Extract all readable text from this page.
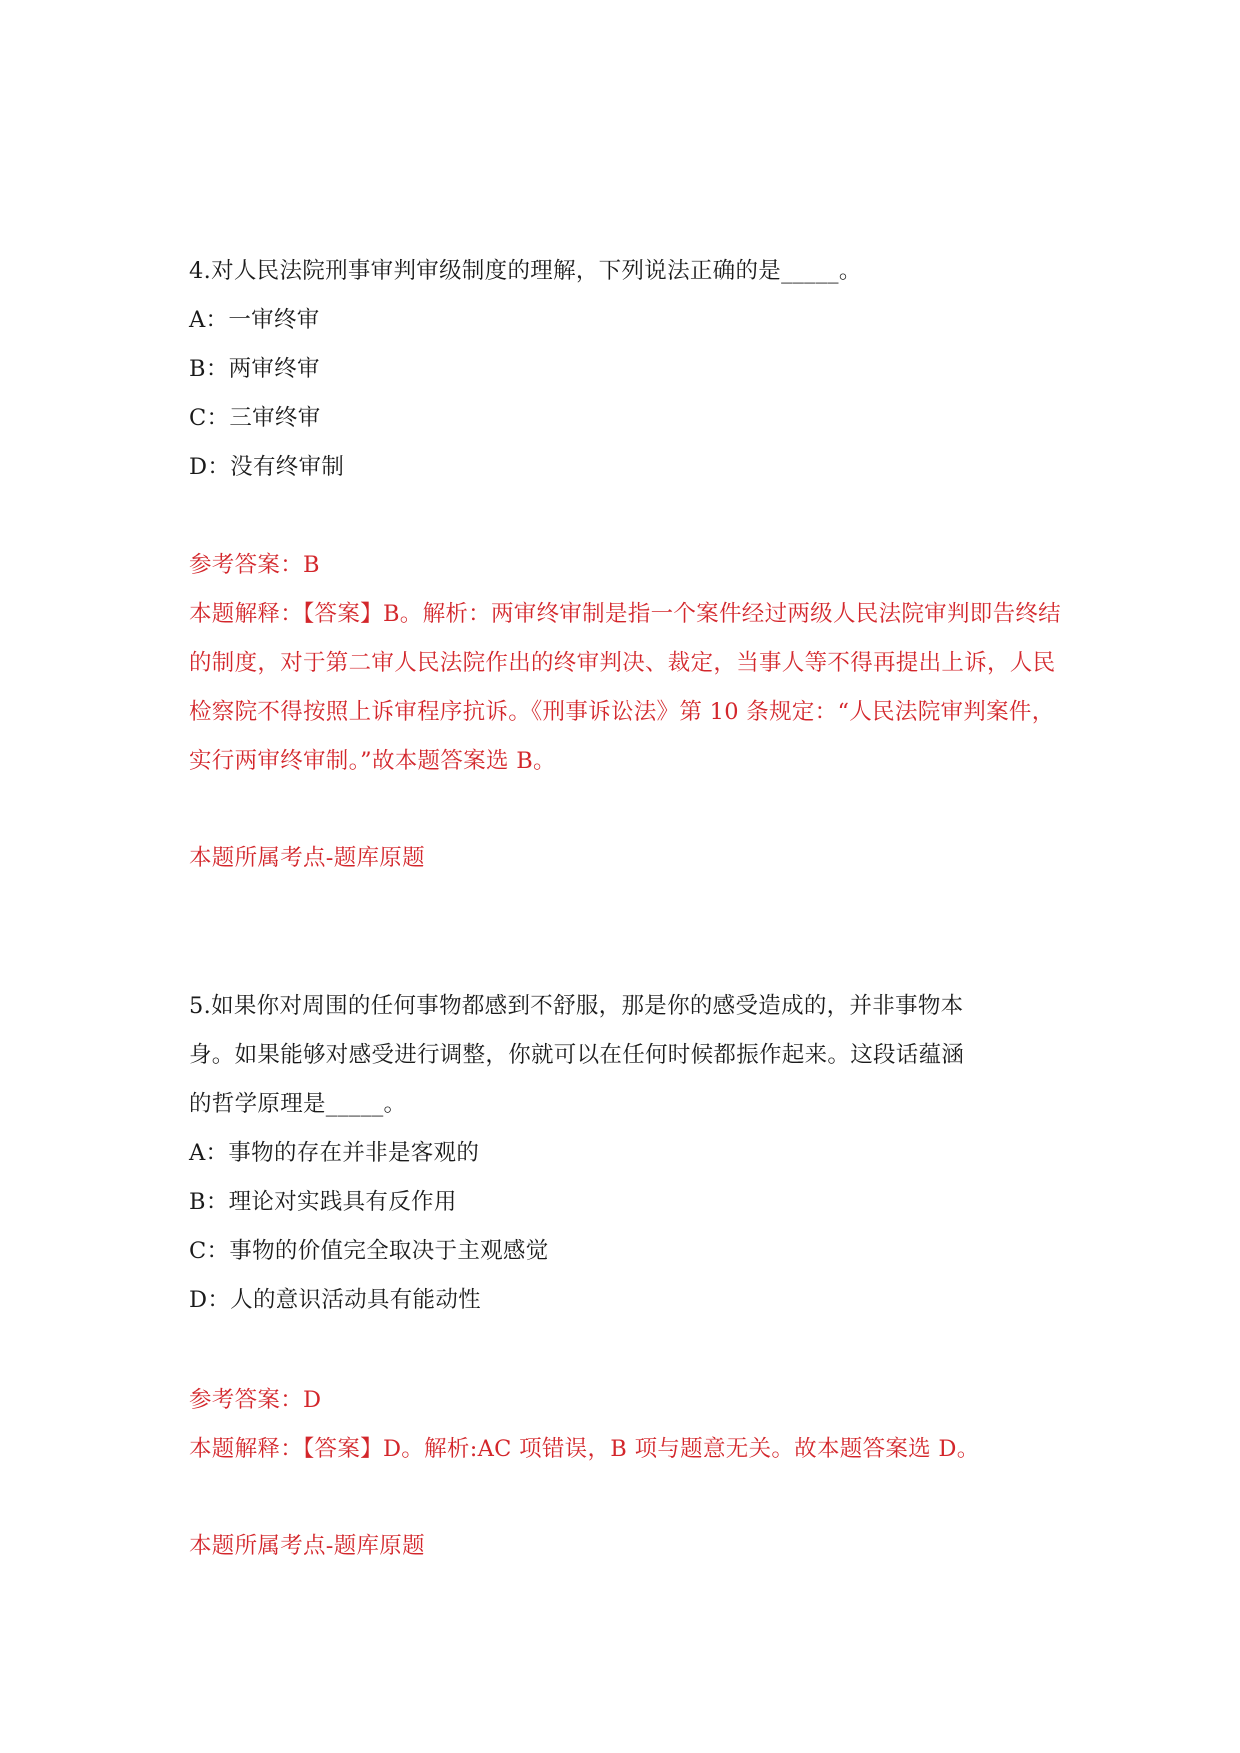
4.对人民法院刑事审判审级制度的理解，下列说法正确的是_____。
A：一审终审
B：两审终审
C：三审终审
D：没有终审制
参考答案：B
本题解释：【答案】B。解析：两审终审制是指一个案件经过两级人民法院审判即告终结的制度，对于第二审人民法院作出的终审判决、裁定，当事人等不得再提出上诉，人民检察院不得按照上诉审程序抗诉。《刑事诉讼法》第 10 条规定：“人民法院审判案件，实行两审终审制。”故本题答案选 B。
本题所属考点-题库原题
5.如果你对周围的任何事物都感到不舒服，那是你的感受造成的，并非事物本
身。如果能够对感受进行调整，你就可以在任何时候都振作起来。这段话蕴涵
的哲学原理是_____。
A：事物的存在并非是客观的
B：理论对实践具有反作用
C：事物的价值完全取决于主观感觉
D：人的意识活动具有能动性
参考答案：D
本题解释：【答案】D。解析:AC 项错误，B 项与题意无关。故本题答案选 D。
本题所属考点-题库原题
